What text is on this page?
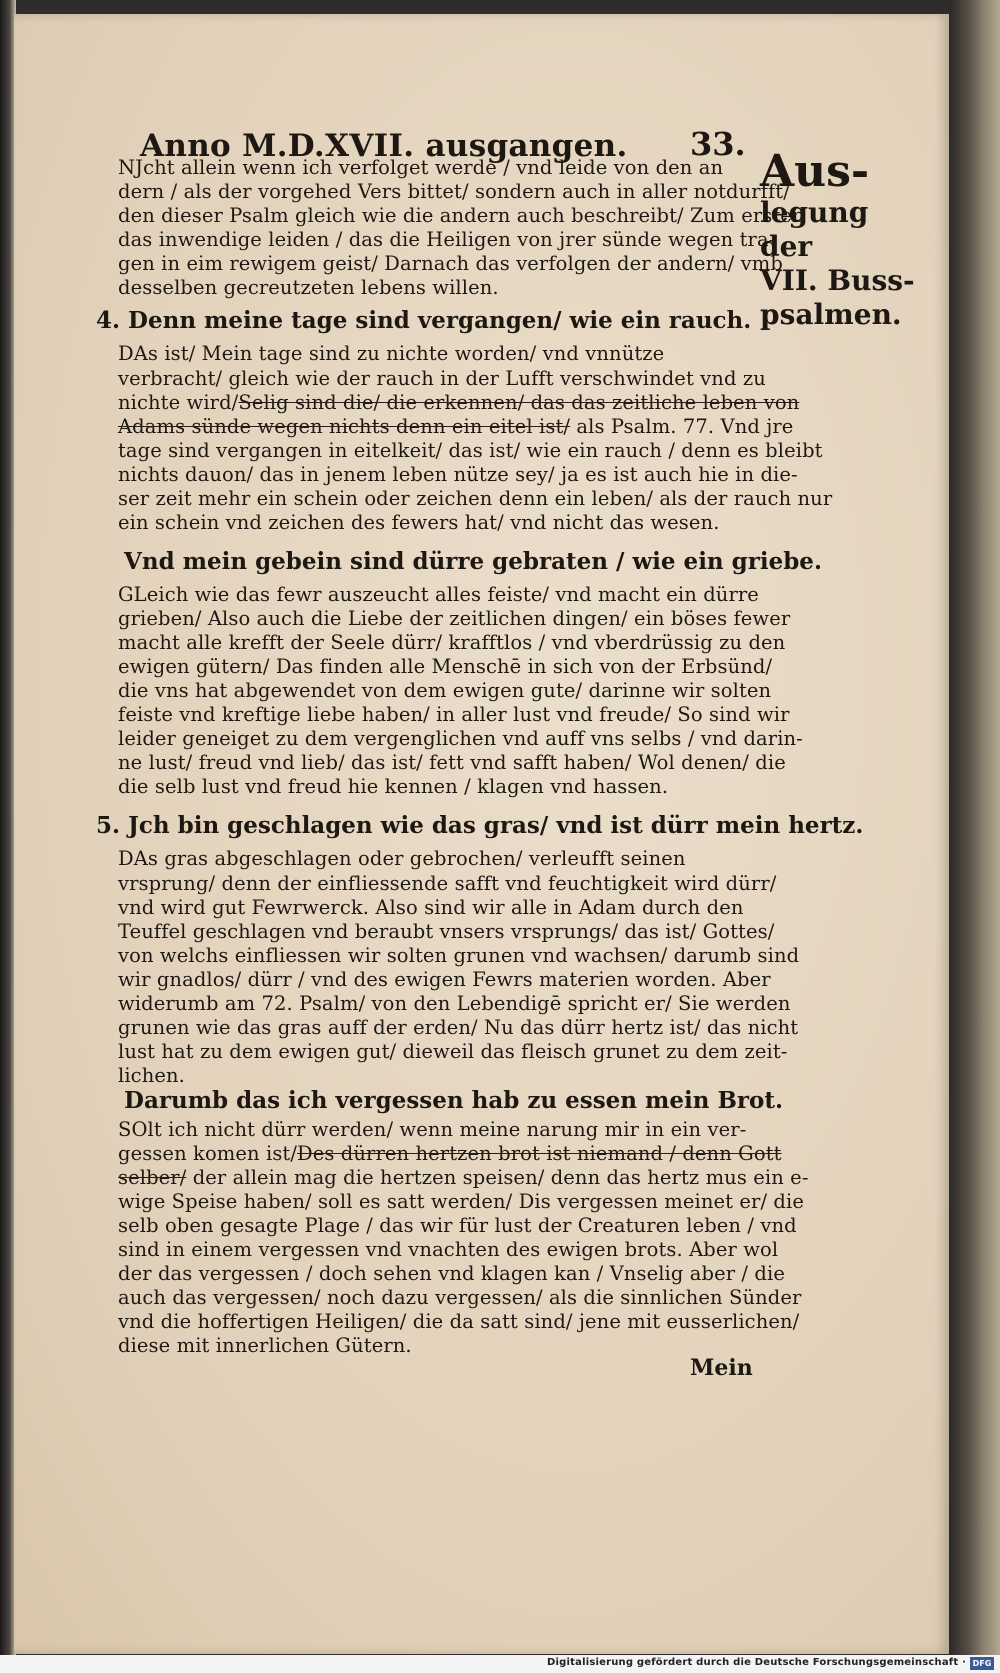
Anno M.D.XVII. ausgangen.	33.
Aus-
legung der
VII. Buss-
psalmen.
NJcht allein wenn ich verfolget werde / vnd leide von den an
dern / als der vorgehed Vers bittet/ sondern auch in aller notdurfft/
den dieser Psalm gleich wie die andern auch beschreibt/ Zum ersten
das inwendige leiden / das die Heiligen von jrer sünde wegen tra-
gen in eim rewigem geist/ Darnach das verfolgen der andern/ vmb
desselben gecreutzeten lebens willen.
DAs ist/ Mein tage sind zu nichte worden/ vnd vnnütze
verbracht/ gleich wie der rauch in der Lufft verschwindet vnd zu
nichte wird/Selig sind die/ die erkennen/ das das zeitliche leben von
Adams sünde wegen nichts denn ein eitel ist/ als Psalm. 77. Vnd jre
tage sind vergangen in eitelkeit/ das ist/ wie ein rauch / denn es bleibt
nichts dauon/ das in jenem leben nütze sey/ ja es ist auch hie in die-
ser zeit mehr ein schein oder zeichen denn ein leben/ als der rauch nur
ein schein vnd zeichen des fewers hat/ vnd nicht das wesen.
GLeich wie das fewr auszeucht alles feiste/ vnd macht ein dürre
grieben/ Also auch die Liebe der zeitlichen dingen/ ein böses fewer
macht alle krefft der Seele dürr/ krafftlos / vnd vberdrüssig zu den
ewigen gütern/ Das finden alle Menschē in sich von der Erbsünd/
die vns hat abgewendet von dem ewigen gute/ darinne wir solten
feiste vnd kreftige liebe haben/ in aller lust vnd freude/ So sind wir
leider geneiget zu dem vergenglichen vnd auff vns selbs / vnd darin-
ne lust/ freud vnd lieb/ das ist/ fett vnd safft haben/ Wol denen/ die
die selb lust vnd freud hie kennen / klagen vnd hassen.
DAs gras abgeschlagen oder gebrochen/ verleufft seinen
vrsprung/ denn der einfliessende safft vnd feuchtigkeit wird dürr/
vnd wird gut Fewrwerck. Also sind wir alle in Adam durch den
Teuffel geschlagen vnd beraubt vnsers vrsprungs/ das ist/ Gottes/
von welchs einfliessen wir solten grunen vnd wachsen/ darumb sind
wir gnadlos/ dürr / vnd des ewigen Fewrs materien worden. Aber
widerumb am 72. Psalm/ von den Lebendigē spricht er/ Sie werden
grunen wie das gras auff der erden/ Nu das dürr hertz ist/ das nicht
lust hat zu dem ewigen gut/ dieweil das fleisch grunet zu dem zeit-
lichen.
SOlt ich nicht dürr werden/ wenn meine narung mir in ein ver-
gessen komen ist/Des dürren hertzen brot ist niemand / denn Gott
selber/ der allein mag die hertzen speisen/ denn das hertz mus ein e-
wige Speise haben/ soll es satt werden/ Dis vergessen meinet er/ die
selb oben gesagte Plage / das wir für lust der Creaturen leben / vnd
sind in einem vergessen vnd vnachten des ewigen brots. Aber wol
der das vergessen / doch sehen vnd klagen kan / Vnselig aber / die
auch das vergessen/ noch dazu vergessen/ als die sinnlichen Sünder
vnd die hoffertigen Heiligen/ die da satt sind/ jene mit eusserlichen/
diese mit innerlichen Gütern.
4. Denn meine tage sind vergangen/ wie ein rauch.
Vnd mein gebein sind dürre gebraten / wie ein griebe.
5. Jch bin geschlagen wie das gras/ vnd ist dürr mein hertz.
Darumb das ich vergessen hab zu essen mein Brot.
Mein
Digitalisierung gefördert durch die Deutsche Forschungsgemeinschaft · DFG
